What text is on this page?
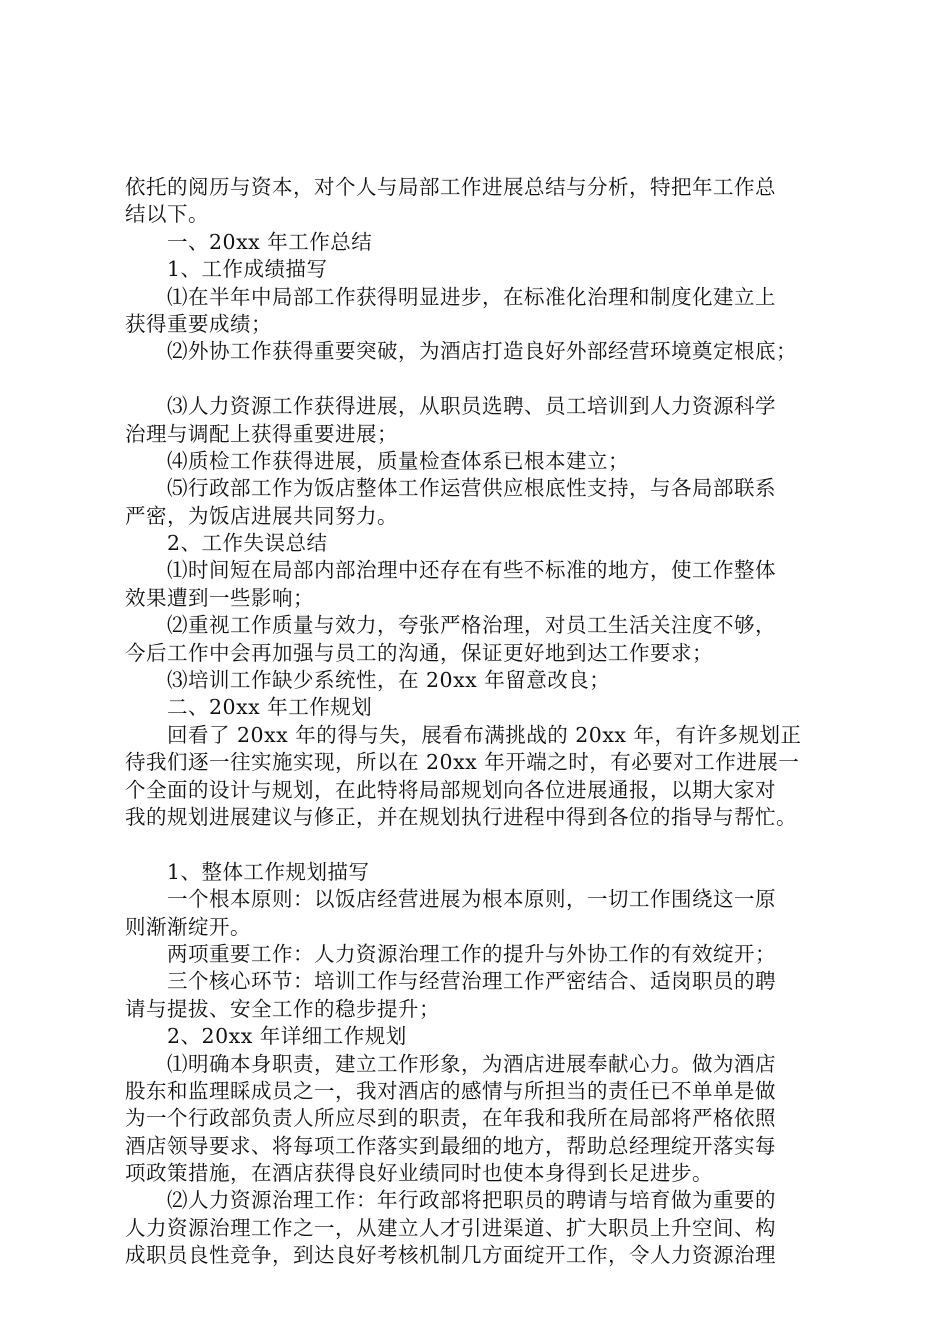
依托的阅历与资本，对个人与局部工作进展总结与分析，特把年工作总
结以下。
　　一、20xx 年工作总结
　　1、工作成绩描写
　　⑴在半年中局部工作获得明显进步，在标准化治理和制度化建立上
获得重要成绩；
　　⑵外协工作获得重要突破，为酒店打造良好外部经营环境奠定根底；
　　⑶人力资源工作获得进展，从职员选聘、员工培训到人力资源科学
治理与调配上获得重要进展；
　　⑷质检工作获得进展，质量检查体系已根本建立；
　　⑸行政部工作为饭店整体工作运营供应根底性支持，与各局部联系
严密，为饭店进展共同努力。
　　2、工作失误总结
　　⑴时间短在局部内部治理中还存在有些不标准的地方，使工作整体
效果遭到一些影响；
　　⑵重视工作质量与效力，夸张严格治理，对员工生活关注度不够，
今后工作中会再加强与员工的沟通，保证更好地到达工作要求；
　　⑶培训工作缺少系统性，在 20xx 年留意改良；
　　二、20xx 年工作规划
　　回看了 20xx 年的得与失，展看布满挑战的 20xx 年，有许多规划正
待我们逐一往实施实现，所以在 20xx 年开端之时，有必要对工作进展一
个全面的设计与规划，在此特将局部规划向各位进展通报，以期大家对
我的规划进展建议与修正，并在规划执行进程中得到各位的指导与帮忙。
　　1、整体工作规划描写
　　一个根本原则：以饭店经营进展为根本原则，一切工作围绕这一原
则渐渐绽开。
　　两项重要工作：人力资源治理工作的提升与外协工作的有效绽开；
　　三个核心环节：培训工作与经营治理工作严密结合、适岗职员的聘
请与提拔、安全工作的稳步提升；
　　2、20xx 年详细工作规划
　　⑴明确本身职责，建立工作形象，为酒店进展奉献心力。做为酒店
股东和监理睬成员之一，我对酒店的感情与所担当的责任已不单单是做
为一个行政部负责人所应尽到的职责，在年我和我所在局部将严格依照
酒店领导要求、将每项工作落实到最细的地方，帮助总经理绽开落实每
项政策措施，在酒店获得良好业绩同时也使本身得到长足进步。
　　⑵人力资源治理工作：年行政部将把职员的聘请与培育做为重要的
人力资源治理工作之一，从建立人才引进渠道、扩大职员上升空间、构
成职员良性竞争，到达良好考核机制几方面绽开工作，令人力资源治理
